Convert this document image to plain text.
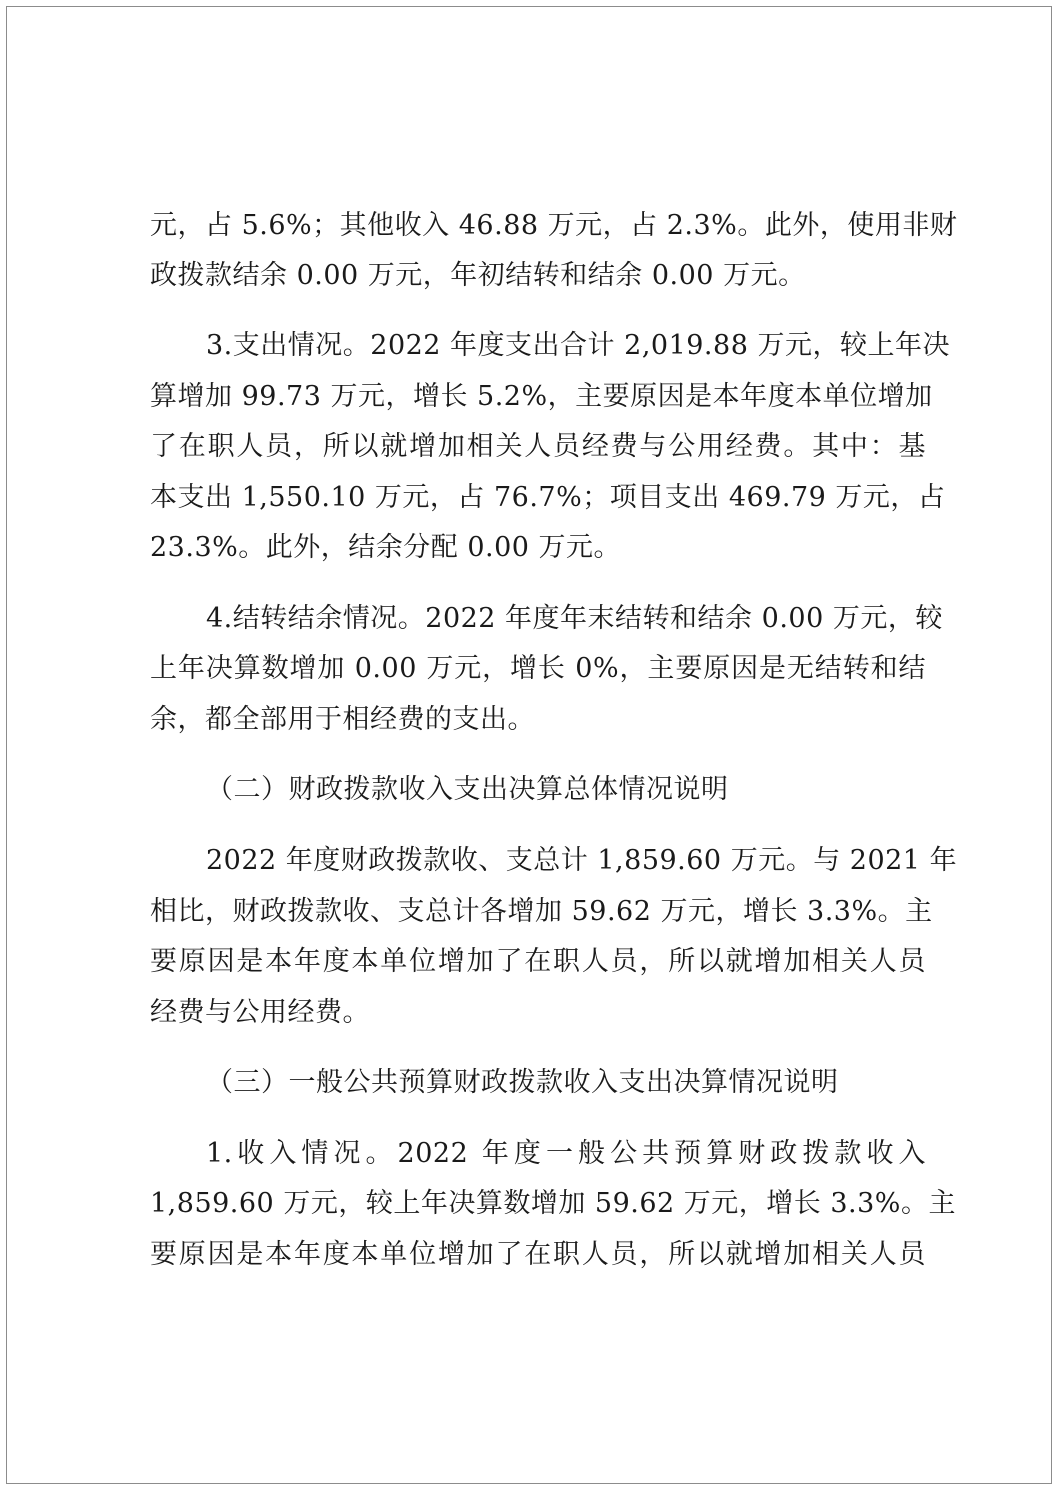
元，占 5.6%；其他收入 46.88 万元，占 2.3%。此外，使用非财
政拨款结余 0.00 万元，年初结转和结余 0.00 万元。
3.支出情况。2022 年度支出合计 2,019.88 万元，较上年决
算增加 99.73 万元，增长 5.2%，主要原因是本年度本单位增加
了在职人员，所以就增加相关人员经费与公用经费。其中：基
本支出 1,550.10 万元，占 76.7%；项目支出 469.79 万元，占
23.3%。此外，结余分配 0.00 万元。
4.结转结余情况。2022 年度年末结转和结余 0.00 万元，较
上年决算数增加 0.00 万元，增长 0%，主要原因是无结转和结
余，都全部用于相经费的支出。
（二）财政拨款收入支出决算总体情况说明
2022 年度财政拨款收、支总计 1,859.60 万元。与 2021 年
相比，财政拨款收、支总计各增加 59.62 万元，增长 3.3%。主
要原因是本年度本单位增加了在职人员，所以就增加相关人员
经费与公用经费。
（三）一般公共预算财政拨款收入支出决算情况说明
1.收入情况。2022 年度一般公共预算财政拨款收入
1,859.60 万元，较上年决算数增加 59.62 万元，增长 3.3%。主
要原因是本年度本单位增加了在职人员，所以就增加相关人员
